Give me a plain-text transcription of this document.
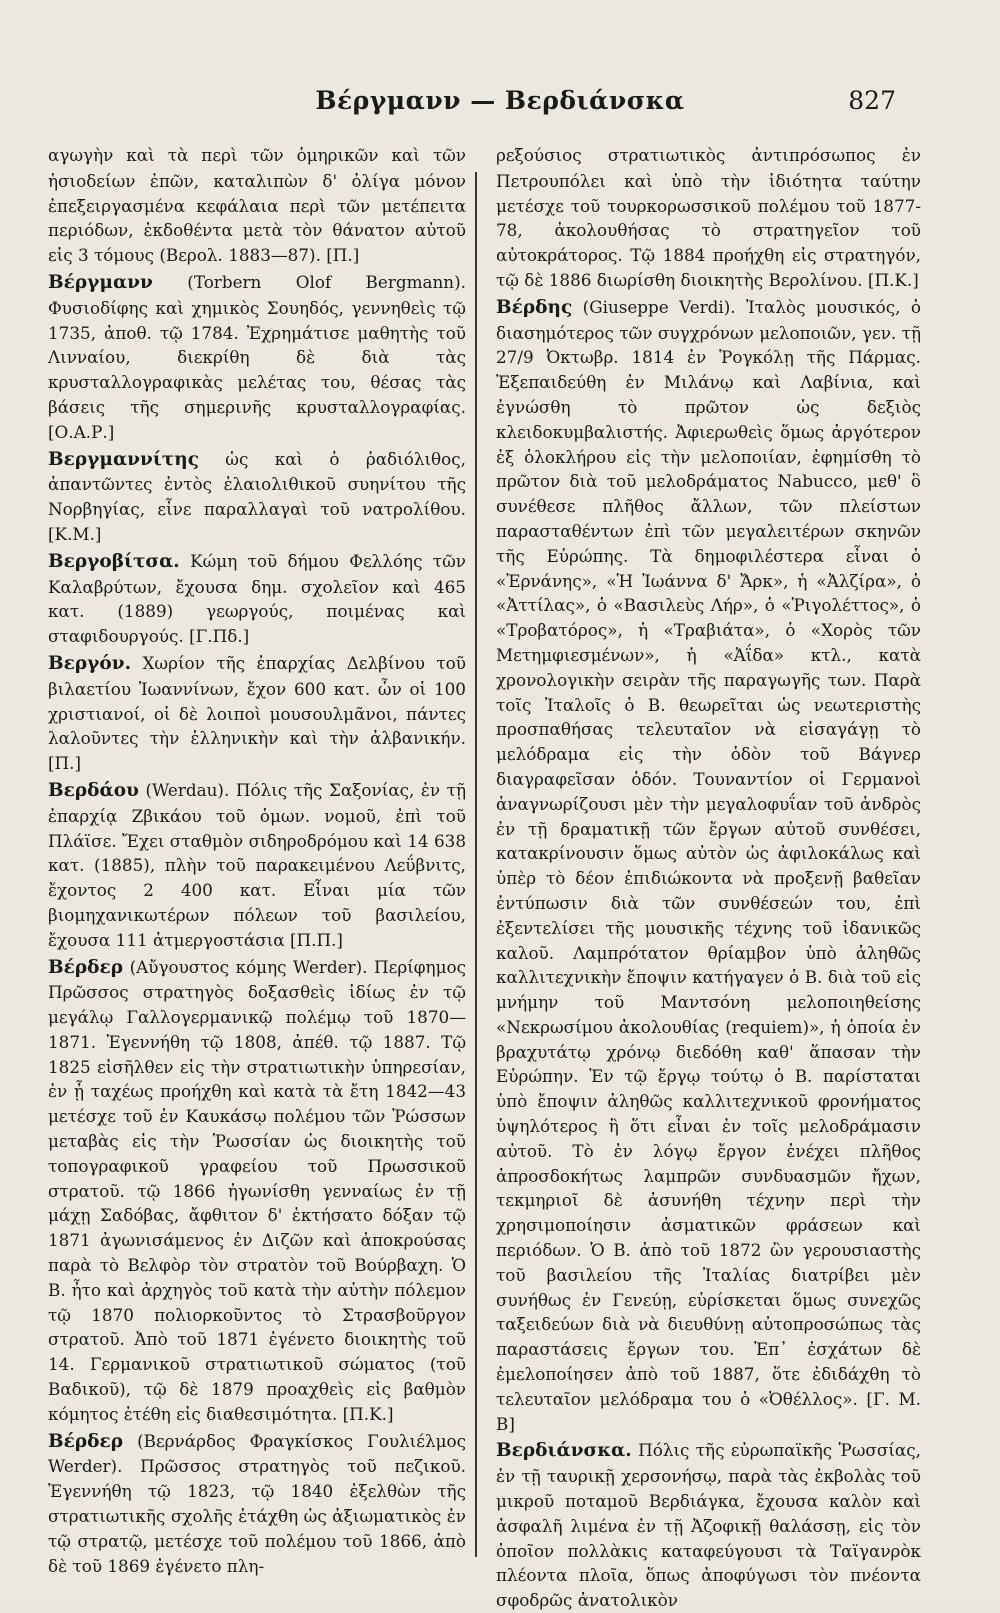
Βέργμανν — Βερδιάνσκα	827

αγωγὴν καὶ τὰ περὶ τῶν ὁμηρικῶν καὶ τῶν ἡσιοδείων ἐπῶν, καταλιπὼν δ' ὀλίγα μόνον ἐπεξειργασμένα κεφάλαια περὶ τῶν μετέπειτα περιόδων, ἐκδοθέντα μετὰ τὸν θάνατον αὐτοῦ εἰς 3 τόμους (Βερολ. 1883—87). [Π.]

Βέργμανν (Torbern Olof Bergmann). Φυσιοδίφης καὶ χημικὸς Σουηδός, γεννηθεὶς τῷ 1735, ἀποθ. τῷ 1784. Ἐχρημάτισε μαθητὴς τοῦ Λινναίου, διεκρίθη δὲ διὰ τὰς κρυσταλλογραφικὰς μελέτας του, θέσας τὰς βάσεις τῆς σημερινῆς κρυσταλλογραφίας. [Ο.Α.Ρ.]

Βεργμαννίτης ὡς καὶ ὁ ῥαδιόλιθος, ἀπαντῶντες ἐντὸς ἐλαιολιθικοῦ συηνίτου τῆς Νορβηγίας, εἶνε παραλλαγαὶ τοῦ νατρολίθου. [Κ.Μ.]

Βεργοβίτσα. Κώμη τοῦ δήμου Φελλόης τῶν Καλαβρύτων, ἔχουσα δημ. σχολεῖον καὶ 465 κατ. (1889) γεωργούς, ποιμένας καὶ σταφιδουργούς. [Γ.Πδ.]

Βεργόν. Χωρίον τῆς ἐπαρχίας Δελβίνου τοῦ βιλαετίου Ἰωαννίνων, ἔχον 600 κατ. ὧν οἱ 100 χριστιανοί, οἱ δὲ λοιποὶ μουσουλμᾶνοι, πάντες λαλοῦντες τὴν ἑλληνικὴν καὶ τὴν ἀλβανικήν. [Π.]

Βερδάου (Werdau). Πόλις τῆς Σαξονίας, ἐν τῇ ἐπαρχίᾳ Ζβικάου τοῦ ὁμων. νομοῦ, ἐπὶ τοῦ Πλάϊσε. Ἔχει σταθμὸν σιδηροδρόμου καὶ 14 638 κατ. (1885), πλὴν τοῦ παρακειμένου Λεΰβνιτς, ἔχοντος 2 400 κατ. Εἶναι μία τῶν βιομηχανικωτέρων πόλεων τοῦ βασιλείου, ἔχουσα 111 ἀτμεργοστάσια [Π.Π.]

Βέρδερ (Αὔγουστος κόμης Werder). Περίφημος Πρῶσσος στρατηγὸς δοξασθεὶς ἰδίως ἐν τῷ μεγάλῳ Γαλλογερμανικῷ πολέμῳ τοῦ 1870—1871. Ἐγεννήθη τῷ 1808, ἀπέθ. τῷ 1887. Τῷ 1825 εἰσῆλθεν εἰς τὴν στρατιωτικὴν ὑπηρεσίαν, ἐν ᾗ ταχέως προήχθη καὶ κατὰ τὰ ἔτη 1842—43 μετέσχε τοῦ ἐν Καυκάσῳ πολέμου τῶν Ῥώσσων μεταβὰς εἰς τὴν Ῥωσσίαν ὡς διοικητὴς τοῦ τοπογραφικοῦ γραφείου τοῦ Πρωσσικοῦ στρατοῦ. τῷ 1866 ἠγωνίσθη γενναίως ἐν τῇ μάχῃ Σαδόβας, ἄφθιτον δ' ἐκτήσατο δόξαν τῷ 1871 ἀγωνισάμενος ἐν Διζῶν καὶ ἀποκρούσας παρὰ τὸ Βελφὸρ τὸν στρατὸν τοῦ Βούρβαχη. Ὁ Β. ἦτο καὶ ἀρχηγὸς τοῦ κατὰ τὴν αὐτὴν πόλεμον τῷ 1870 πολιορκοῦντος τὸ Στρασβοῦργον στρατοῦ. Ἀπὸ τοῦ 1871 ἐγένετο διοικητὴς τοῦ 14. Γερμανικοῦ στρατιωτικοῦ σώματος (τοῦ Βαδικοῦ), τῷ δὲ 1879 προαχθεὶς εἰς βαθμὸν κόμητος ἐτέθη εἰς διαθεσιμότητα. [Π.Κ.]

Βέρδερ (Βερνάρδος Φραγκίσκος Γουλιέλμος Werder). Πρῶσσος στρατηγὸς τοῦ πεζικοῦ. Ἐγεννήθη τῷ 1823, τῷ 1840 ἐξελθὼν τῆς στρατιωτικῆς σχολῆς ἐτάχθη ὡς ἀξιωματικὸς ἐν τῷ στρατῷ, μετέσχε τοῦ πολέμου τοῦ 1866, ἀπὸ δὲ τοῦ 1869 ἐγένετο πλη-

ρεξούσιος στρατιωτικὸς ἀντιπρόσωπος ἐν Πετρουπόλει καὶ ὑπὸ τὴν ἰδιότητα ταύτην μετέσχε τοῦ τουρκορωσσικοῦ πολέμου τοῦ 1877-78, ἀκολουθήσας τὸ στρατηγεῖον τοῦ αὐτοκράτορος. Τῷ 1884 προήχθη εἰς στρατηγόν, τῷ δὲ 1886 διωρίσθη διοικητὴς Βερολίνου. [Π.Κ.]

Βέρδης (Giuseppe Verdi). Ἰταλὸς μουσικός, ὁ διασημότερος τῶν συγχρόνων μελοποιῶν, γεν. τῇ 27/9 Ὀκτωβρ. 1814 ἐν Ῥογκόλῃ τῆς Πάρμας. Ἐξεπαιδεύθη ἐν Μιλάνῳ καὶ Λαβίνια, καὶ ἐγνώσθη τὸ πρῶτον ὡς δεξιὸς κλειδοκυμβαλιστής. Ἀφιερωθεὶς ὅμως ἀργότερον ἐξ ὁλοκλήρου εἰς τὴν μελοποιίαν, ἐφημίσθη τὸ πρῶτον διὰ τοῦ μελοδράματος Nabucco, μεθ' ὃ συνέθεσε πλῆθος ἄλλων, τῶν πλείστων παρασταθέντων ἐπὶ τῶν μεγαλειτέρων σκηνῶν τῆς Εὐρώπης. Τὰ δημοφιλέστερα εἶναι ὁ «Ἐρνάνης», «Ἡ Ἰωάννα δ' Ἄρκ», ἡ «Ἀλζίρα», ὁ «Ἀττίλας», ὁ «Βασιλεὺς Λήρ», ὁ «Ῥιγολέττος», ὁ «Τροβατόρος», ἡ «Τραβιάτα», ὁ «Χορὸς τῶν Μετημφιεσμένων», ἡ «Ἀΐδα» κτλ., κατὰ χρονολογικὴν σειρὰν τῆς παραγωγῆς των. Παρὰ τοῖς Ἰταλοῖς ὁ Β. θεωρεῖται ὡς νεωτεριστὴς προσπαθήσας τελευταῖον νὰ εἰσαγάγῃ τὸ μελόδραμα εἰς τὴν ὁδὸν τοῦ Βάγνερ διαγραφεῖσαν ὁδόν. Τουναντίον οἱ Γερμανοὶ ἀναγνωρίζουσι μὲν τὴν μεγαλοφυΐαν τοῦ ἀνδρὸς ἐν τῇ δραματικῇ τῶν ἔργων αὐτοῦ συνθέσει, κατακρίνουσιν ὅμως αὐτὸν ὡς ἀφιλοκάλως καὶ ὑπὲρ τὸ δέον ἐπιδιώκοντα νὰ προξενῇ βαθεῖαν ἐντύπωσιν διὰ τῶν συνθέσεών του, ἐπὶ ἐξεντελίσει τῆς μουσικῆς τέχνης τοῦ ἰδανικῶς καλοῦ. Λαμπρότατον θρίαμβον ὑπὸ ἀληθῶς καλλιτεχνικὴν ἔποψιν κατήγαγεν ὁ Β. διὰ τοῦ εἰς μνήμην τοῦ Μαντσόνη μελοποιηθείσης «Νεκρωσίμου ἀκολουθίας (requiem)», ἡ ὁποία ἐν βραχυτάτῳ χρόνῳ διεδόθη καθ' ἅπασαν τὴν Εὐρώπην. Ἐν τῷ ἔργῳ τούτῳ ὁ Β. παρίσταται ὑπὸ ἔποψιν ἀληθῶς καλλιτεχνικοῦ φρονήματος ὑψηλότερος ἢ ὅτι εἶναι ἐν τοῖς μελοδράμασιν αὐτοῦ. Τὸ ἐν λόγῳ ἔργον ἐνέχει πλῆθος ἀπροσδοκήτως λαμπρῶν συνδυασμῶν ἤχων, τεκμηριοῖ δὲ ἀσυνήθη τέχνην περὶ τὴν χρησιμοποίησιν ἀσματικῶν φράσεων καὶ περιόδων. Ὁ Β. ἀπὸ τοῦ 1872 ὢν γερουσιαστὴς τοῦ βασιλείου τῆς Ἰταλίας διατρίβει μὲν συνήθως ἐν Γενεύῃ, εὑρίσκεται ὅμως συνεχῶς ταξειδεύων διὰ νὰ διευθύνῃ αὐτοπροσώπως τὰς παραστάσεις ἔργων του. Ἐπ᾽ ἐσχάτων δὲ ἐμελοποίησεν ἀπὸ τοῦ 1887, ὅτε ἐδιδάχθη τὸ τελευταῖον μελόδραμα του ὁ «Ὀθέλλος». [Γ. Μ. Β]

Βερδιάνσκα. Πόλις τῆς εὐρωπαϊκῆς Ῥωσσίας, ἐν τῇ ταυρικῇ χερσονήσῳ, παρὰ τὰς ἐκβολὰς τοῦ μικροῦ ποταμοῦ Βερδιάγκα, ἔχουσα καλὸν καὶ ἀσφαλῆ λιμένα ἐν τῇ Ἀζοφικῇ θαλάσσῃ, εἰς τὸν ὁποῖον πολλὰκις καταφεύγουσι τὰ Ταϊγανρὸκ πλέοντα πλοῖα, ὅπως ἀποφύγωσι τὸν πνέοντα σφοδρῶς ἀνατολικὸν
